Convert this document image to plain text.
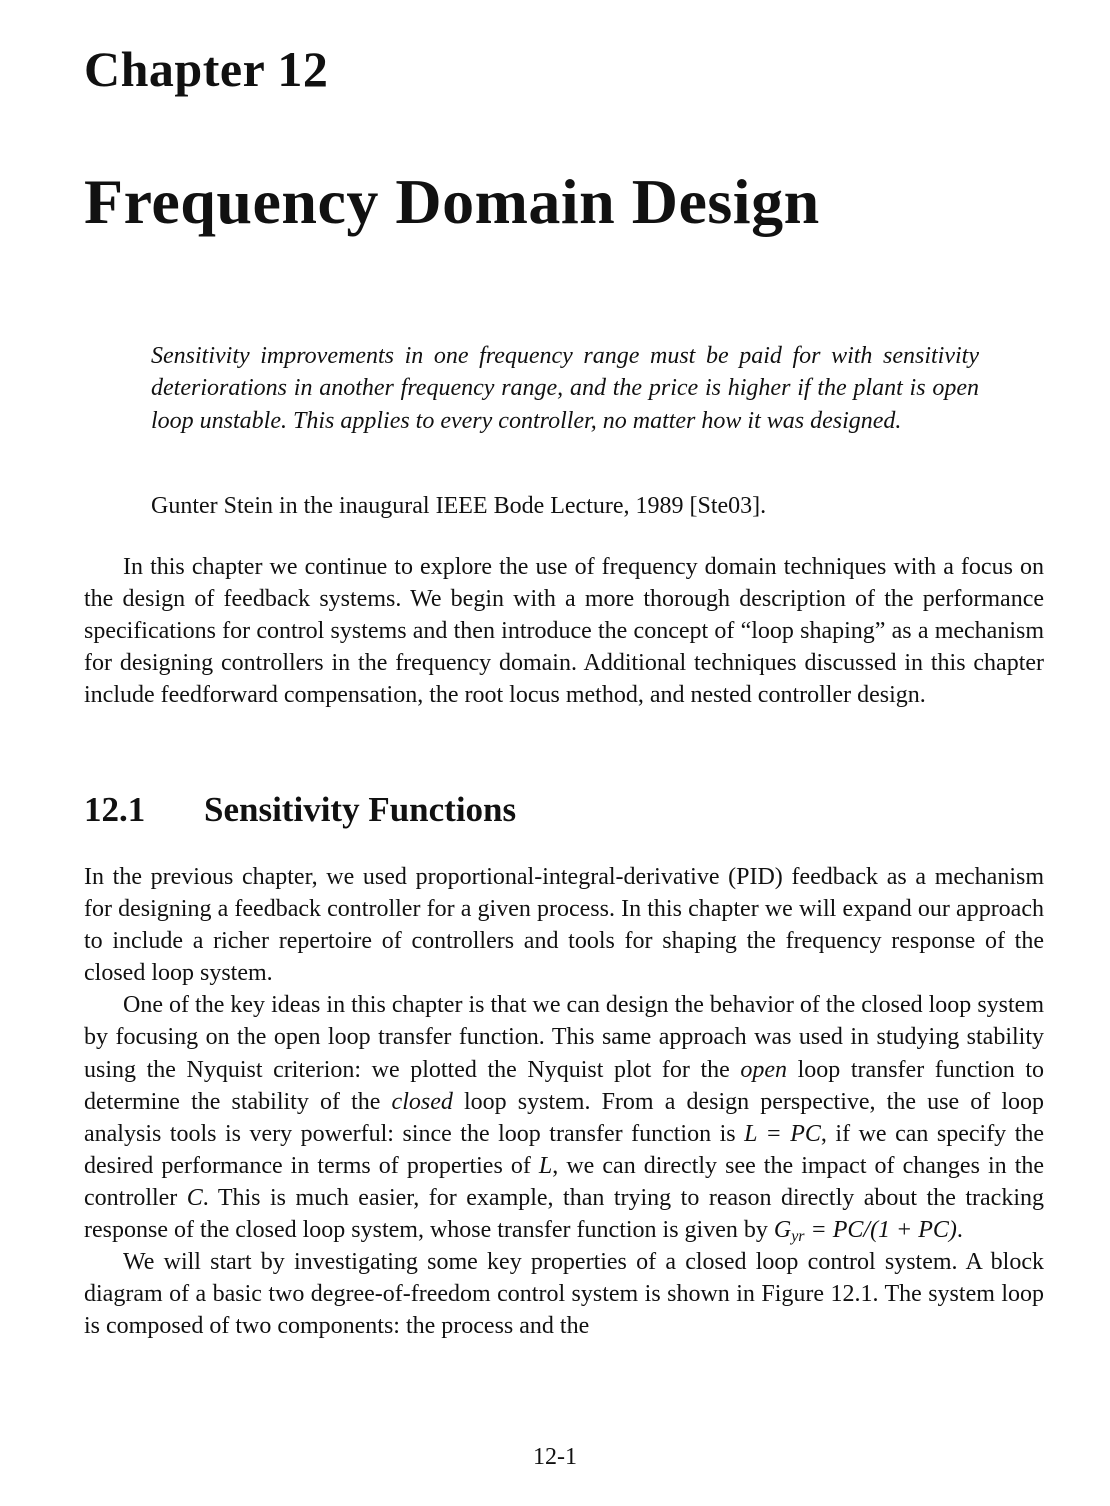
Chapter 12
Frequency Domain Design
Sensitivity improvements in one frequency range must be paid for with sensitivity deteriorations in another frequency range, and the price is higher if the plant is open loop unstable. This applies to every controller, no matter how it was designed.
Gunter Stein in the inaugural IEEE Bode Lecture, 1989 [Ste03].

In this chapter we continue to explore the use of frequency domain techniques with a focus on the design of feedback systems. We begin with a more thorough description of the performance specifications for control systems and then introduce the concept of “loop shaping” as a mechanism for designing controllers in the frequency domain. Additional techniques discussed in this chapter include feedforward compensation, the root locus method, and nested controller design.

12.1 Sensitivity Functions

In the previous chapter, we used proportional-integral-derivative (PID) feedback as a mechanism for designing a feedback controller for a given process. In this chapter we will expand our approach to include a richer repertoire of controllers and tools for shaping the frequency response of the closed loop system.

One of the key ideas in this chapter is that we can design the behavior of the closed loop system by focusing on the open loop transfer function. This same approach was used in studying stability using the Nyquist criterion: we plotted the Nyquist plot for the open loop transfer function to determine the stability of the closed loop system. From a design perspective, the use of loop analysis tools is very powerful: since the loop transfer function is L = PC, if we can specify the desired performance in terms of properties of L, we can directly see the impact of changes in the controller C. This is much easier, for example, than trying to reason directly about the tracking response of the closed loop system, whose transfer function is given by $G_{yr} = PC/(1 + PC)$.

We will start by investigating some key properties of a closed loop control system. A block diagram of a basic two degree-of-freedom control system is shown in Figure 12.1. The system loop is composed of two components: the process and the

12-1
